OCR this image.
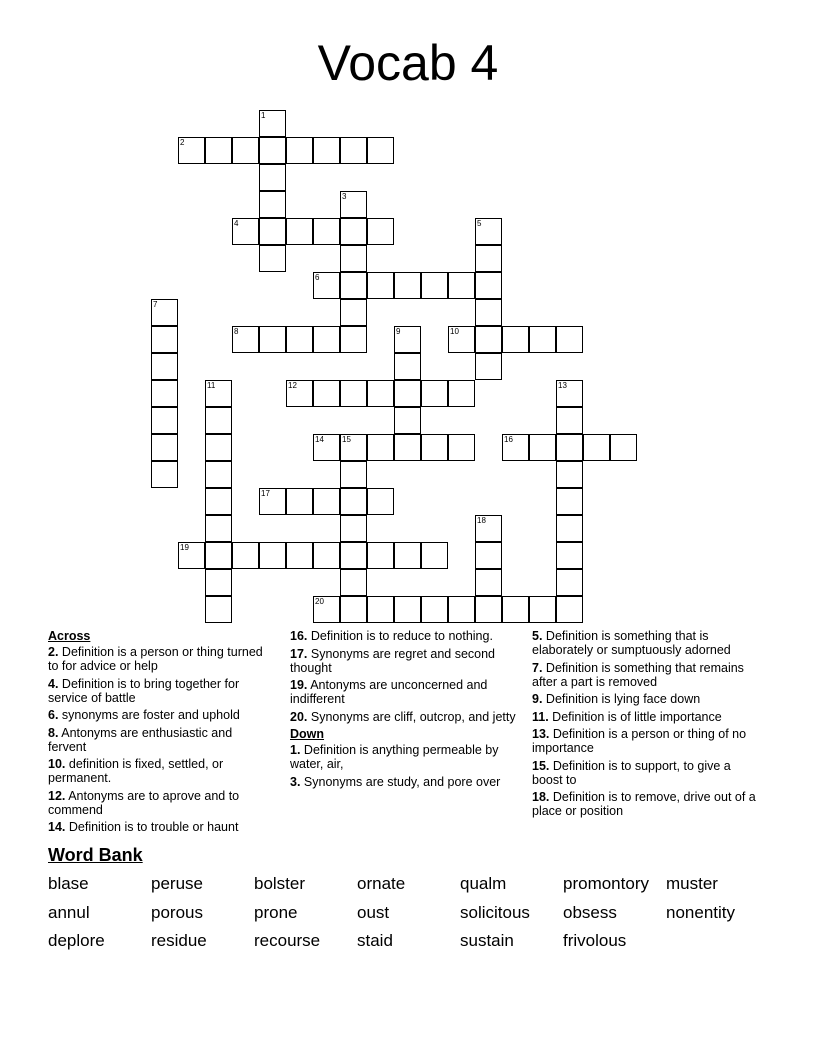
Vocab 4
2
4
6
8	10
12
14 15	16
17
19
20
1
3
5
7
9
11	13
18

Across

2. Definition is a person or thing turned to for advice or help

4. Definition is to bring together for service of battle

6. synonyms are foster and uphold

8. Antonyms are enthusiastic and fervent

10. definition is fixed, settled, or permanent.

12. Antonyms are to aprove and to commend

14. Definition is to trouble or haunt

16. Definition is to reduce to nothing.

17. Synonyms are regret and second thought

19. Antonyms are unconcerned and indifferent

20. Synonyms are cliff, outcrop, and jetty

Down

1. Definition is anything permeable by water, air,

3. Synonyms are study, and pore over

5. Definition is something that is elaborately or sumptuously adorned

7. Definition is something that remains after a part is removed

9. Definition is lying face down

11. Definition is of little importance

13. Definition is a person or thing of no importance

15. Definition is to support, to give a boost to

18. Definition is to remove, drive out of a place or position

Word Bank
blase	peruse	bolster	ornate	qualm	promontory	muster
annul	porous	prone	oust	solicitous	obsess	nonentity
deplore	residue	recourse	staid	sustain	frivolous
